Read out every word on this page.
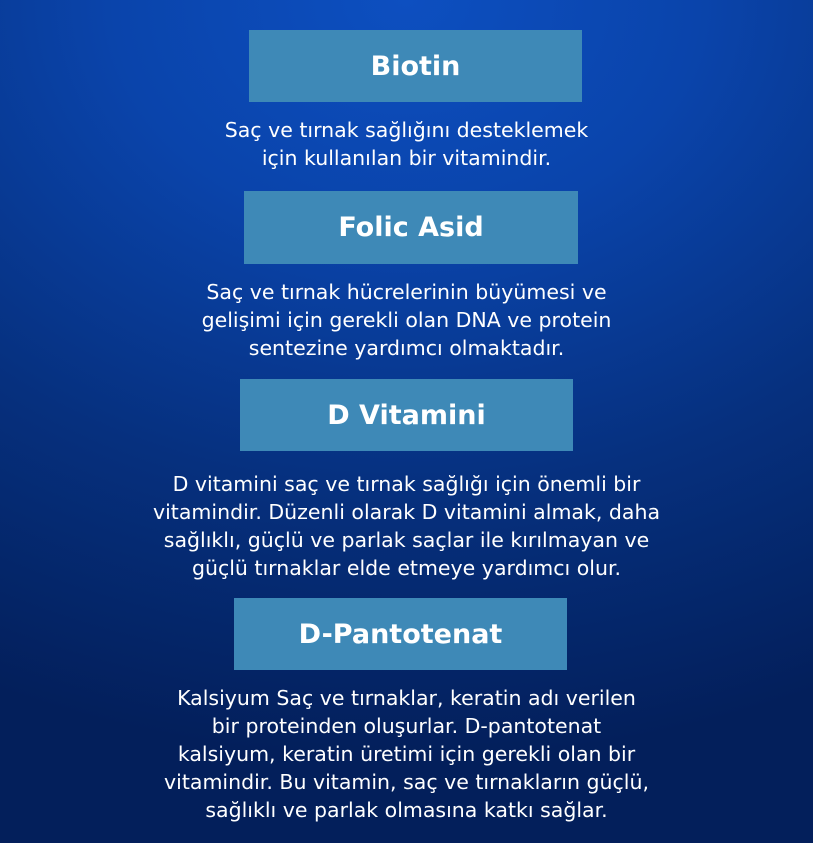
Biotin
Saç ve tırnak sağlığını desteklemek
için kullanılan bir vitamindir.
Folic Asid
Saç ve tırnak hücrelerinin büyümesi ve
gelişimi için gerekli olan DNA ve protein
sentezine yardımcı olmaktadır.
D Vitamini
D vitamini saç ve tırnak sağlığı için önemli bir
vitamindir. Düzenli olarak D vitamini almak, daha
sağlıklı, güçlü ve parlak saçlar ile kırılmayan ve
güçlü tırnaklar elde etmeye yardımcı olur.
D-Pantotenat
Kalsiyum Saç ve tırnaklar, keratin adı verilen
bir proteinden oluşurlar. D-pantotenat
kalsiyum, keratin üretimi için gerekli olan bir
vitamindir. Bu vitamin, saç ve tırnakların güçlü,
sağlıklı ve parlak olmasına katkı sağlar.
